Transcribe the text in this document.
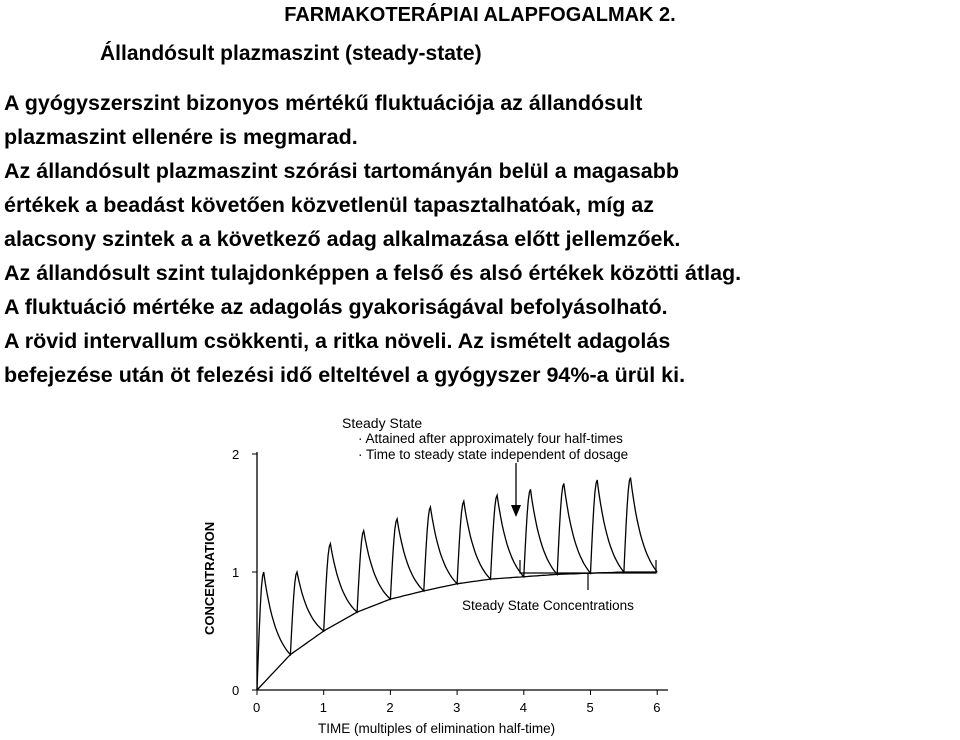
FARMAKOTERÁPIAI ALAPFOGALMAK 2.
Állandósult plazmaszint (steady-state)
A gyógyszerszint bizonyos mértékű fluktuációja az állandósult
plazmaszint ellenére is megmarad.
Az állandósult plazmaszint szórási tartományán belül a magasabb
értékek a beadást követően közvetlenül tapasztalhatóak, míg az
alacsony szintek a a következő adag alkalmazása előtt jellemzőek.
Az állandósult szint tulajdonképpen a felső és alsó értékek közötti átlag.
A fluktuáció mértéke az adagolás gyakoriságával befolyásolható.
A rövid intervallum csökkenti, a ritka növeli. Az ismételt adagolás
befejezése után öt felezési idő elteltével a gyógyszer 94%-a ürül ki.
Steady State
· Attained after approximately four half-times
· Time to steady state independent of dosage
0	1	2	3	4	5	6
0
1
2
Steady State Concentrations
CONCENTRATION
TIME (multiples of elimination half-time)
